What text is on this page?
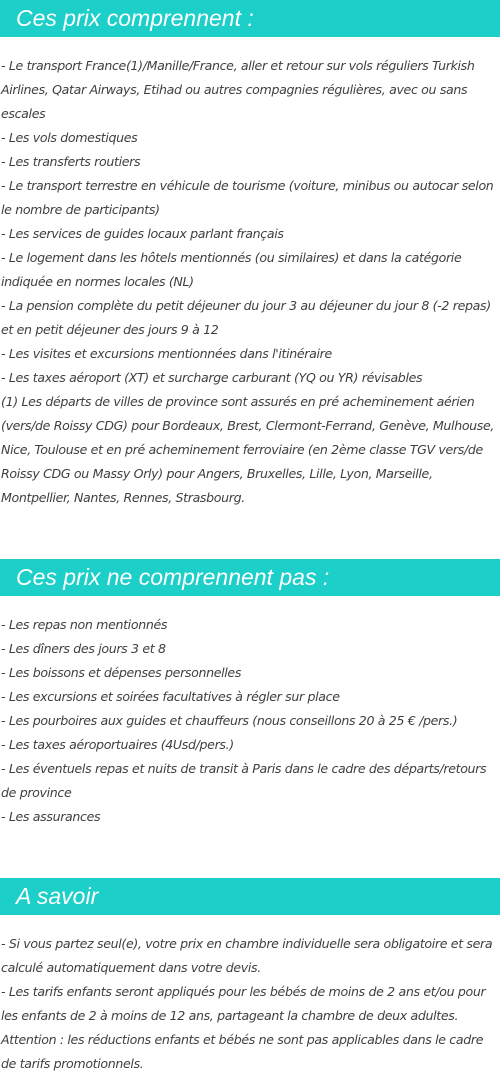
Ces prix comprennent :
- Le transport France(1)/Manille/France, aller et retour sur vols réguliers Turkish Airlines, Qatar Airways, Etihad ou autres compagnies régulières, avec ou sans escales
- Les vols domestiques
- Les transferts routiers
- Le transport terrestre en véhicule de tourisme (voiture, minibus ou autocar selon le nombre de participants)
- Les services de guides locaux parlant français
- Le logement dans les hôtels mentionnés (ou similaires) et dans la catégorie indiquée en normes locales (NL)
- La pension complète du petit déjeuner du jour 3 au déjeuner du jour 8 (-2 repas) et en petit déjeuner des jours 9 à 12
- Les visites et excursions mentionnées dans l'itinéraire
- Les taxes aéroport (XT) et surcharge carburant (YQ ou YR) révisables
(1) Les départs de villes de province sont assurés en pré acheminement aérien (vers/de Roissy CDG) pour Bordeaux, Brest, Clermont-Ferrand, Genève, Mulhouse, Nice, Toulouse et en pré acheminement ferroviaire (en 2ème classe TGV vers/de Roissy CDG ou Massy Orly) pour Angers, Bruxelles, Lille, Lyon, Marseille, Montpellier, Nantes, Rennes, Strasbourg.
Ces prix ne comprennent pas :
- Les repas non mentionnés
- Les dîners des jours 3 et 8
- Les boissons et dépenses personnelles
- Les excursions et soirées facultatives à régler sur place
- Les pourboires aux guides et chauffeurs (nous conseillons 20 à 25 € /pers.)
- Les taxes aéroportuaires (4Usd/pers.)
- Les éventuels repas et nuits de transit à Paris dans le cadre des départs/retours de province
- Les assurances
A savoir
- Si vous partez seul(e), votre prix en chambre individuelle sera obligatoire et sera calculé automatiquement dans votre devis.
- Les tarifs enfants seront appliqués pour les bébés de moins de 2 ans et/ou pour les enfants de 2 à moins de 12 ans, partageant la chambre de deux adultes.
Attention : les réductions enfants et bébés ne sont pas applicables dans le cadre de tarifs promotionnels.
